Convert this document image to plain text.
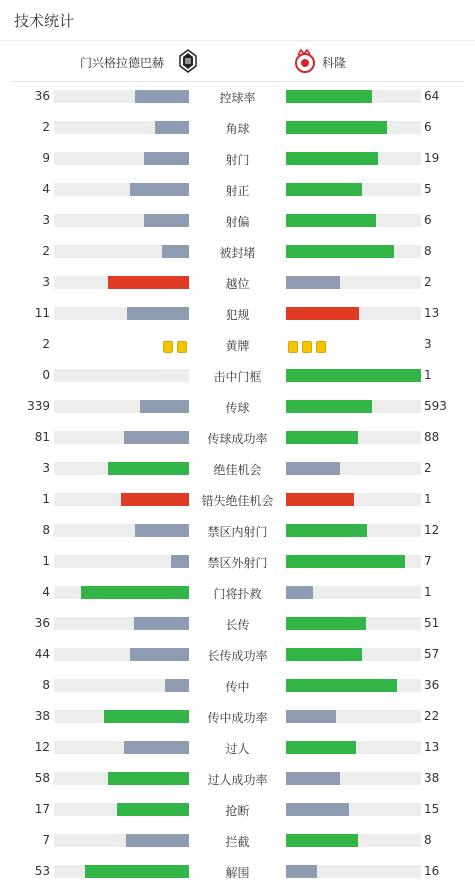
技术统计
门兴格拉德巴赫	科隆
36	控球率	64
2	角球	6
9	射门	19
4	射正	5
3	射偏	6
2	被封堵	8
3	越位	2
11	犯规	13
2	黄牌	3
0	击中门框	1
339	传球	593
81	传球成功率	88
3	绝佳机会	2
1	错失绝佳机会	1
8	禁区内射门	12
1	禁区外射门	7
4	门将扑救	1
36	长传	51
44	长传成功率	57
8	传中	36
38	传中成功率	22
12	过人	13
58	过人成功率	38
17	抢断	15
7	拦截	8
53	解围	16
